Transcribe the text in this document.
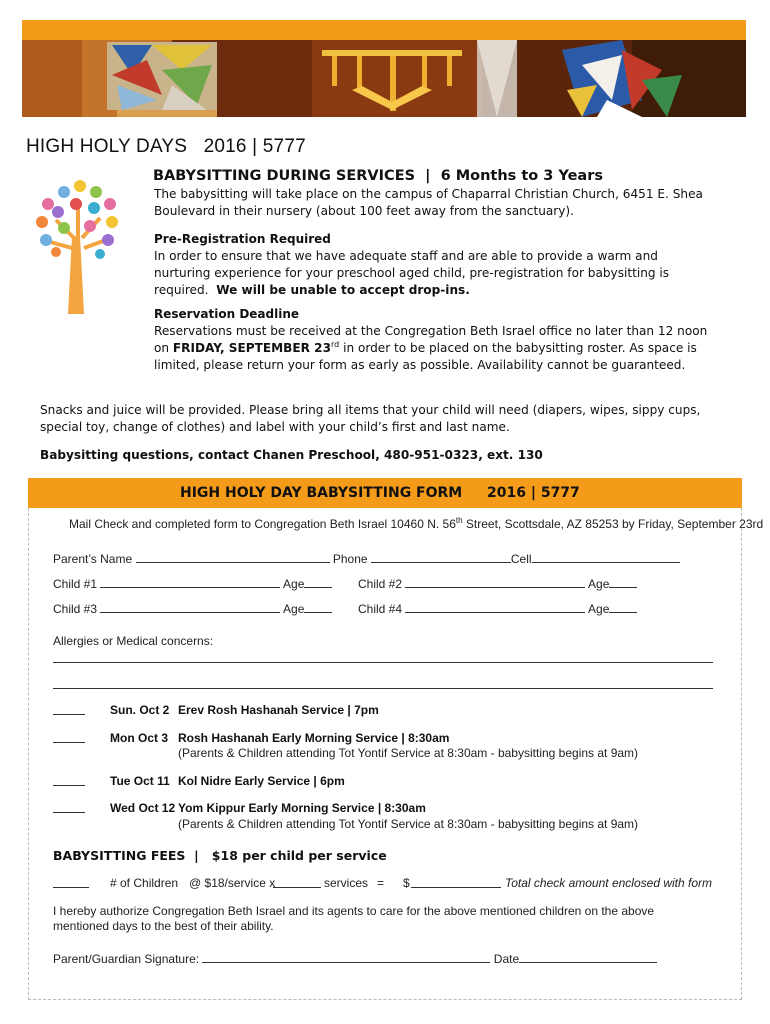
HIGH HOLY DAYS 2016 | 5777
BABYSITTING DURING SERVICES | 6 Months to 3 Years
The babysitting will take place on the campus of Chaparral Christian Church, 6451 E. Shea Boulevard in their nursery (about 100 feet away from the sanctuary).
Pre-Registration Required
In order to ensure that we have adequate staff and are able to provide a warm and nurturing experience for your preschool aged child, pre-registration for babysitting is required. We will be unable to accept drop-ins.
Reservation Deadline
Reservations must be received at the Congregation Beth Israel office no later than 12 noon on FRIDAY, SEPTEMBER 23rd in order to be placed on the babysitting roster. As space is limited, please return your form as early as possible. Availability cannot be guaranteed.
Snacks and juice will be provided. Please bring all items that your child will need (diapers, wipes, sippy cups, special toy, change of clothes) and label with your child’s first and last name.
Babysitting questions, contact Chanen Preschool, 480-951-0323, ext. 130
HIGH HOLY DAY BABYSITTING FORM 2016 | 5777
Mail Check and completed form to Congregation Beth Israel 10460 N. 56th Street, Scottsdale, AZ 85253 by Friday, September 23rd
Parent’s Name	Phone	Cell
Child #1	Age	Child #2	Age
Child #3	Age	Child #4	Age
Allergies or Medical concerns:
Sun. Oct 2 Erev Rosh Hashanah Service | 7pm
Mon Oct 3 Rosh Hashanah Early Morning Service | 8:30am
(Parents & Children attending Tot Yontif Service at 8:30am - babysitting begins at 9am)
Tue Oct 11 Kol Nidre Early Service | 6pm
Wed Oct 12 Yom Kippur Early Morning Service | 8:30am
(Parents & Children attending Tot Yontif Service at 8:30am - babysitting begins at 9am)
BABYSITTING FEES | $18 per child per service
# of Children @ $18/service x	services = $	Total check amount enclosed with form
I hereby authorize Congregation Beth Israel and its agents to care for the above mentioned children on the above mentioned days to the best of their ability.
Parent/Guardian Signature:	Date
